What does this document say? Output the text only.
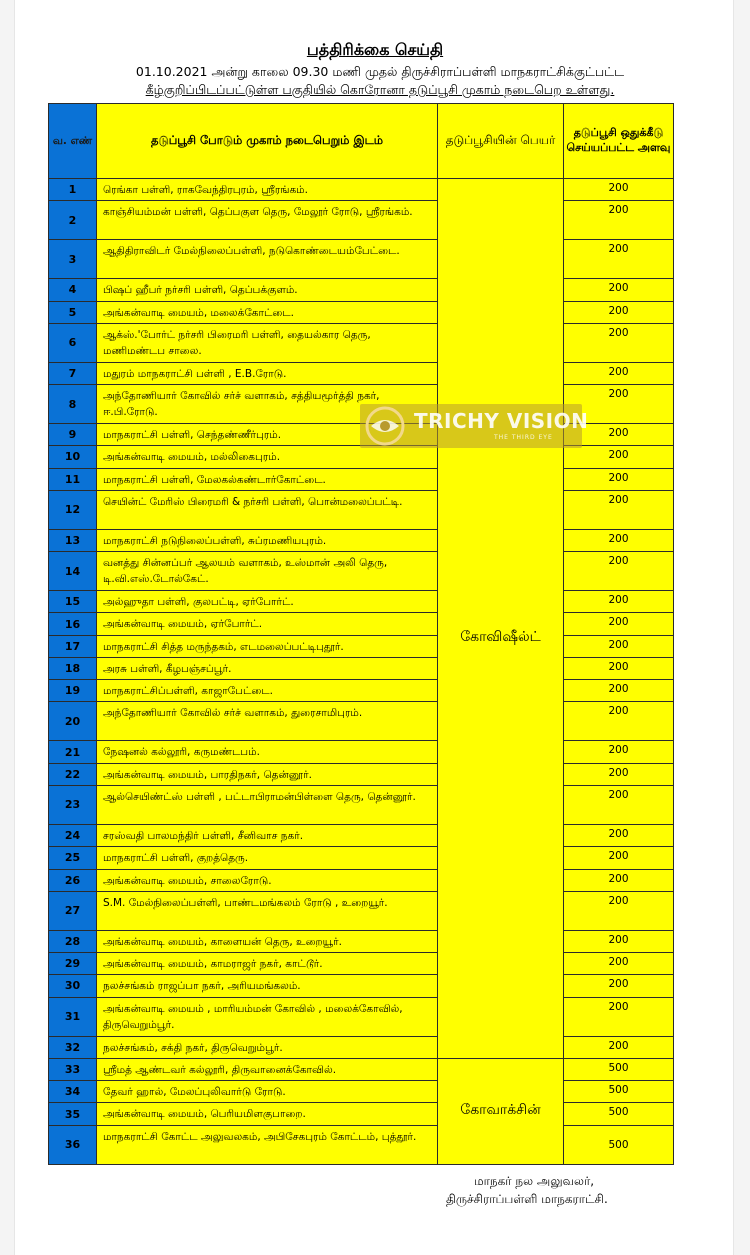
பத்திரிக்கை செய்தி
01.10.2021 அன்று காலை 09.30 மணி முதல் திருச்சிராப்பள்ளி மாநகராட்சிக்குட்பட்ட
கீழ்குறிப்பிடப்பட்டுள்ள பகுதியில் கொரோனா தடுப்பூசி முகாம் நடைபெற உள்ளது.
வ. எண்	தடுப்பூசி போடும் முகாம் நடைபெறும் இடம்	தடுப்பூசியின் பெயர்	தடுப்பூசி ஒதுக்கீடு செய்யப்பட்ட அளவு
1	ரெங்கா பள்ளி, ராகவேந்திரபுரம், ஸ்ரீரங்கம்.	கோவிஷீல்ட்	200
2	காஞ்சியம்மன் பள்ளி, தெப்பகுள தெரு, மேலூர் ரோடு, ஸ்ரீரங்கம்.		200
3	ஆதிதிராவிடர் மேல்நிலைப்பள்ளி, நடுகொண்டையம்பேட்டை.		200
4	பிஷப் ஹீபர் நர்சரி பள்ளி, தெப்பக்குளம்.		200
5	அங்கன்வாடி மையம், மலைக்கோட்டை.		200
6	ஆக்ஸ்.'போர்ட் நர்சரி பிரைமரி பள்ளி, தையல்கார தெரு, மணிமண்டப சாலை.		200
7	மதுரம் மாநகராட்சி பள்ளி , E.B.ரோடு.		200
8	அந்தோணியார் கோவில் சர்ச் வளாகம், சத்தியமூர்த்தி நகர், ஈ.பி.ரோடு.		200
9	மாநகராட்சி பள்ளி, செந்தண்ணீர்புரம்.		200
10	அங்கன்வாடி மையம், மல்லிகைபுரம்.		200
11	மாநகராட்சி பள்ளி, மேலகல்கண்டார்கோட்டை.		200
12	செயின்ட் மேரிஸ் பிரைமரி & நர்சரி பள்ளி, பொன்மலைப்பட்டி.		200
13	மாநகராட்சி நடுநிலைப்பள்ளி, சுப்ரமணியபுரம்.		200
14	வனத்து சின்னப்பர் ஆலயம் வளாகம், உஸ்மான் அலி தெரு, டி.வி.எஸ்.டோல்கேட்.		200
15	அல்ஹுதா பள்ளி, குலபட்டி, ஏர்போர்ட்.		200
16	அங்கன்வாடி மையம், ஏர்போர்ட்.		200
17	மாநகராட்சி சித்த மருந்தகம், எடமலைப்பட்டிபுதூர்.		200
18	அரசு பள்ளி, கீழபஞ்சப்பூர்.		200
19	மாநகராட்சிப்பள்ளி, காஜாபேட்டை.		200
20	அந்தோணியார் கோவில் சர்ச் வளாகம், துரைசாமிபுரம்.		200
21	நேஷனல் கல்லூரி, கருமண்டபம்.		200
22	அங்கன்வாடி மையம், பாரதிநகர், தென்னூர்.		200
23	ஆல்செயிண்ட்ஸ் பள்ளி , பட்டாபிராமன்பிள்ளை தெரு, தென்னூர்.		200
24	சரஸ்வதி பாலமந்திர் பள்ளி, சீனிவாச நகர்.		200
25	மாநகராட்சி பள்ளி, குறத்தெரு.		200
26	அங்கன்வாடி மையம், சாலைரோடு.		200
27	S.M. மேல்நிலைப்பள்ளி, பாண்டமங்கலம் ரோடு , உறையூர்.		200
28	அங்கன்வாடி மையம், காளையன் தெரு, உறையூர்.		200
29	அங்கன்வாடி மையம், காமராஜர் நகர், காட்டூர்.		200
30	நலச்சங்கம் ராஜப்பா நகர், அரியமங்கலம்.		200
31	அங்கன்வாடி மையம் , மாரியம்மன் கோவில் , மலைக்கோவில், திருவெறும்பூர்.		200
32	நலச்சங்கம், சக்தி நகர், திருவெறும்பூர்.		200
33	ஸ்ரீமத் ஆண்டவர் கல்லூரி, திருவானைக்கோவில்.	கோவாக்சின்	500
34	தேவர் ஹால், மேலப்புலிவார்டு ரோடு.		500
35	அங்கன்வாடி மையம், பெரியமிளகுபாறை.		500
36	மாநகராட்சி கோட்ட அலுவலகம், அபிசேகபுரம் கோட்டம், புத்தூர்.		500
TRICHY VISION
THE THIRD EYE
மாநகர் நல அலுவலர்,
திருச்சிராப்பள்ளி மாநகராட்சி.
